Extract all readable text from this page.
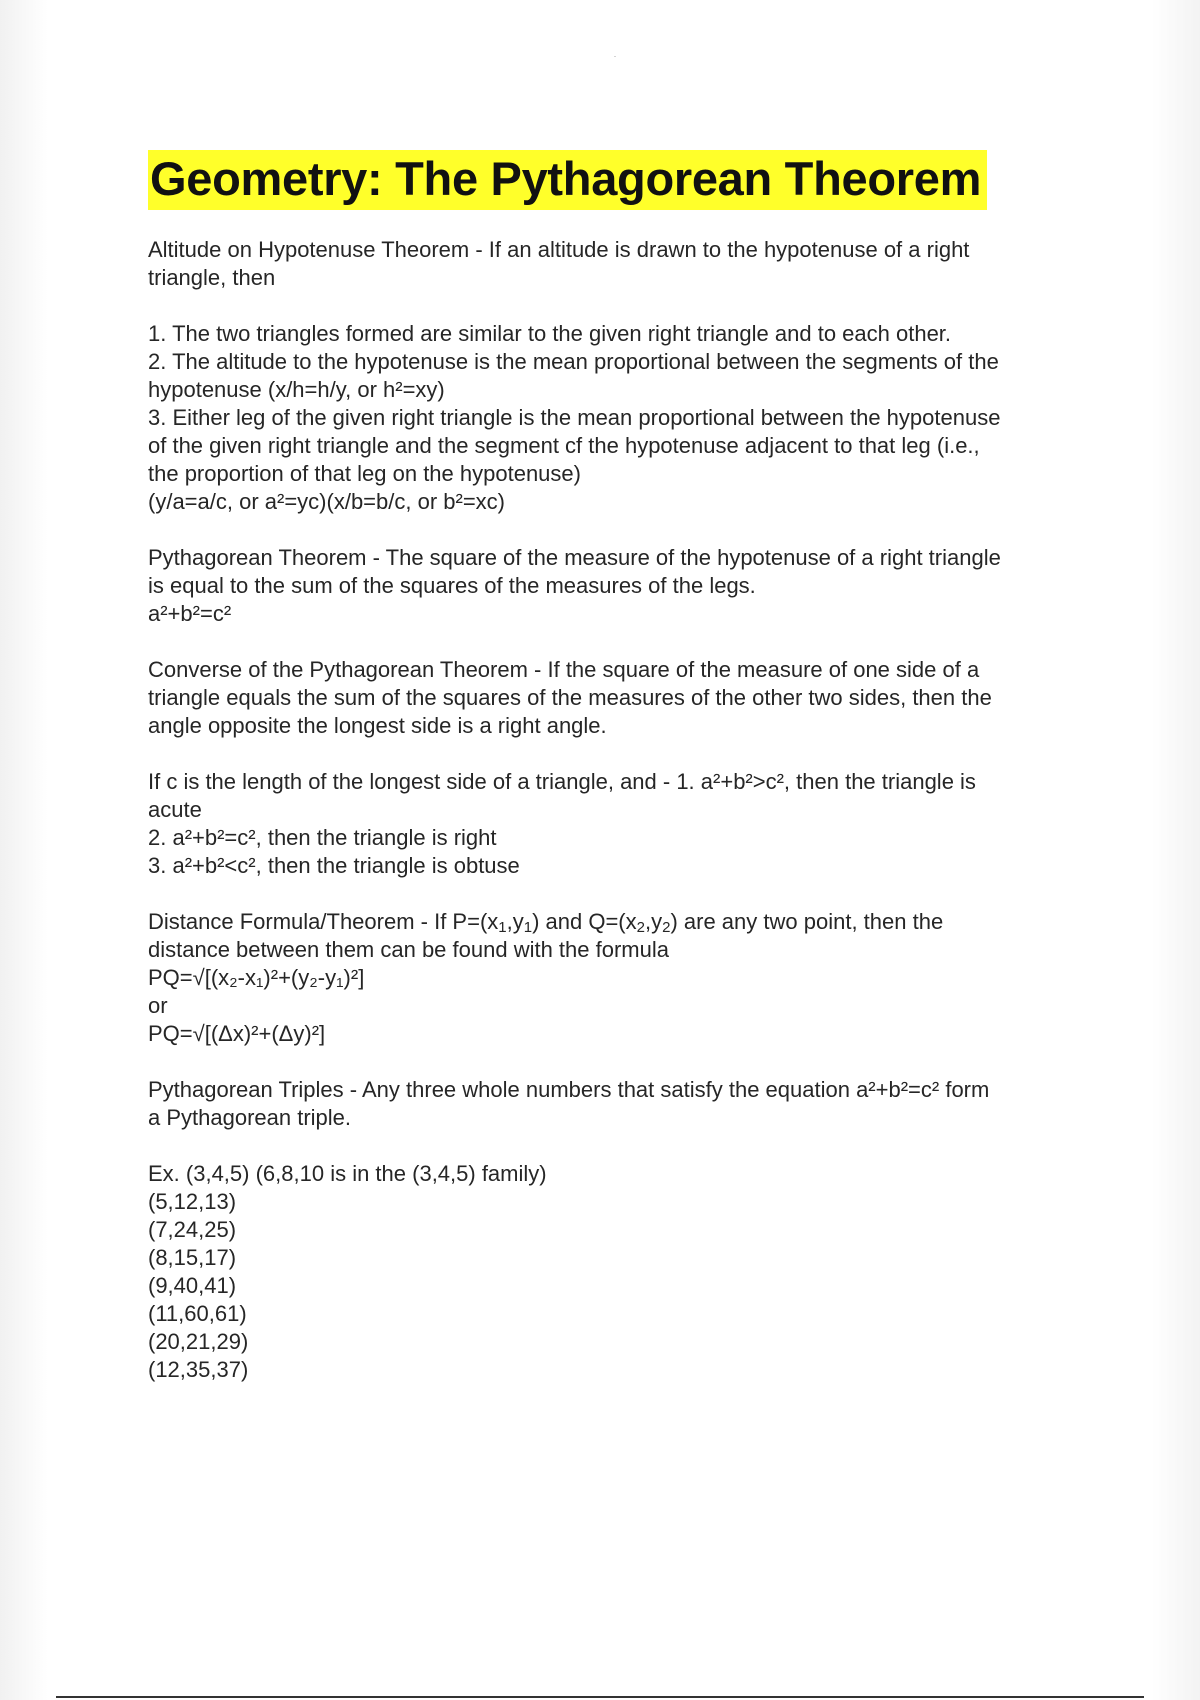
Geometry: The Pythagorean Theorem
Altitude on Hypotenuse Theorem - If an altitude is drawn to the hypotenuse of a right
triangle, then
1. The two triangles formed are similar to the given right triangle and to each other.
2. The altitude to the hypotenuse is the mean proportional between the segments of the
hypotenuse (x/h=h/y, or h²=xy)
3. Either leg of the given right triangle is the mean proportional between the hypotenuse
of the given right triangle and the segment cf the hypotenuse adjacent to that leg (i.e.,
the proportion of that leg on the hypotenuse)
(y/a=a/c, or a²=yc)(x/b=b/c, or b²=xc)
Pythagorean Theorem - The square of the measure of the hypotenuse of a right triangle
is equal to the sum of the squares of the measures of the legs.
a²+b²=c²
Converse of the Pythagorean Theorem - If the square of the measure of one side of a
triangle equals the sum of the squares of the measures of the other two sides, then the
angle opposite the longest side is a right angle.
If c is the length of the longest side of a triangle, and - 1. a²+b²>c², then the triangle is
acute
2. a²+b²=c², then the triangle is right
3. a²+b²<c², then the triangle is obtuse
Distance Formula/Theorem - If $P=(x_1,y_1)$ and $Q=(x_2,y_2)$ are any two point, then the
distance between them can be found with the formula
PQ=√[(x₂-x₁)²+(y₂-y₁)²]
or
PQ=√[(Δx)²+(Δy)²]
Pythagorean Triples - Any three whole numbers that satisfy the equation a²+b²=c² form
a Pythagorean triple.
Ex. (3,4,5) (6,8,10 is in the (3,4,5) family)
(5,12,13)
(7,24,25)
(8,15,17)
(9,40,41)
(11,60,61)
(20,21,29)
(12,35,37)
